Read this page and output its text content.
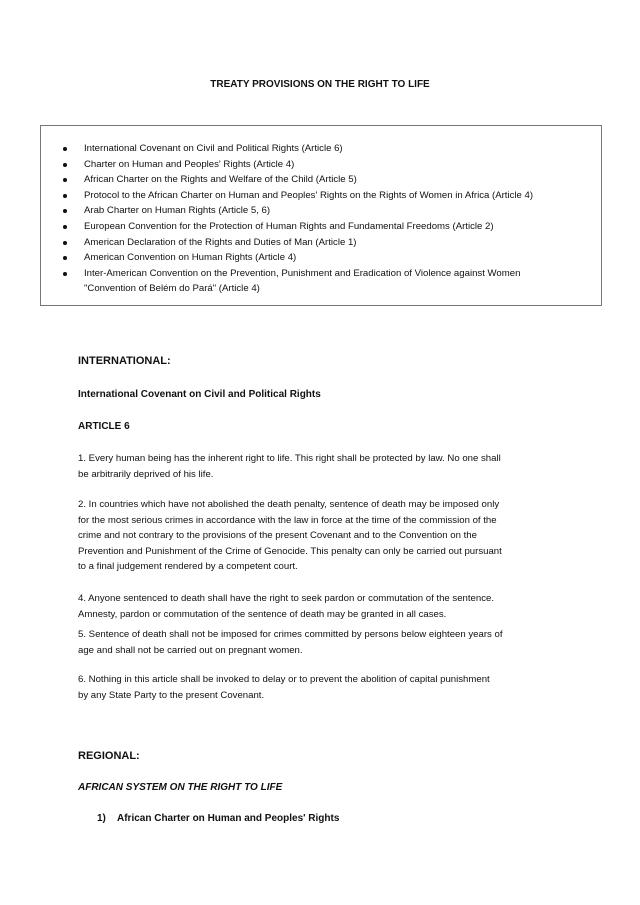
TREATY PROVISIONS ON THE RIGHT TO LIFE
International Covenant on Civil and Political Rights (Article 6)
Charter on Human and Peoples' Rights (Article 4)
African Charter on the Rights and Welfare of the Child (Article 5)
Protocol to the African Charter on Human and Peoples' Rights on the Rights of Women in Africa (Article 4)
Arab Charter on Human Rights (Article 5, 6)
European Convention for the Protection of Human Rights and Fundamental Freedoms (Article 2)
American Declaration of the Rights and Duties of Man (Article 1)
American Convention on Human Rights (Article 4)
Inter-American Convention on the Prevention, Punishment and Eradication of Violence against Women
"Convention of Belém do Pará" (Article 4)
INTERNATIONAL:
International Covenant on Civil and Political Rights
ARTICLE 6
1. Every human being has the inherent right to life. This right shall be protected by law. No one shall
be arbitrarily deprived of his life.
2. In countries which have not abolished the death penalty, sentence of death may be imposed only
for the most serious crimes in accordance with the law in force at the time of the commission of the
crime and not contrary to the provisions of the present Covenant and to the Convention on the
Prevention and Punishment of the Crime of Genocide. This penalty can only be carried out pursuant
to a final judgement rendered by a competent court.
4. Anyone sentenced to death shall have the right to seek pardon or commutation of the sentence.
Amnesty, pardon or commutation of the sentence of death may be granted in all cases.
5. Sentence of death shall not be imposed for crimes committed by persons below eighteen years of
age and shall not be carried out on pregnant women.
6. Nothing in this article shall be invoked to delay or to prevent the abolition of capital punishment
by any State Party to the present Covenant.
REGIONAL:
AFRICAN SYSTEM ON THE RIGHT TO LIFE
1) African Charter on Human and Peoples' Rights
